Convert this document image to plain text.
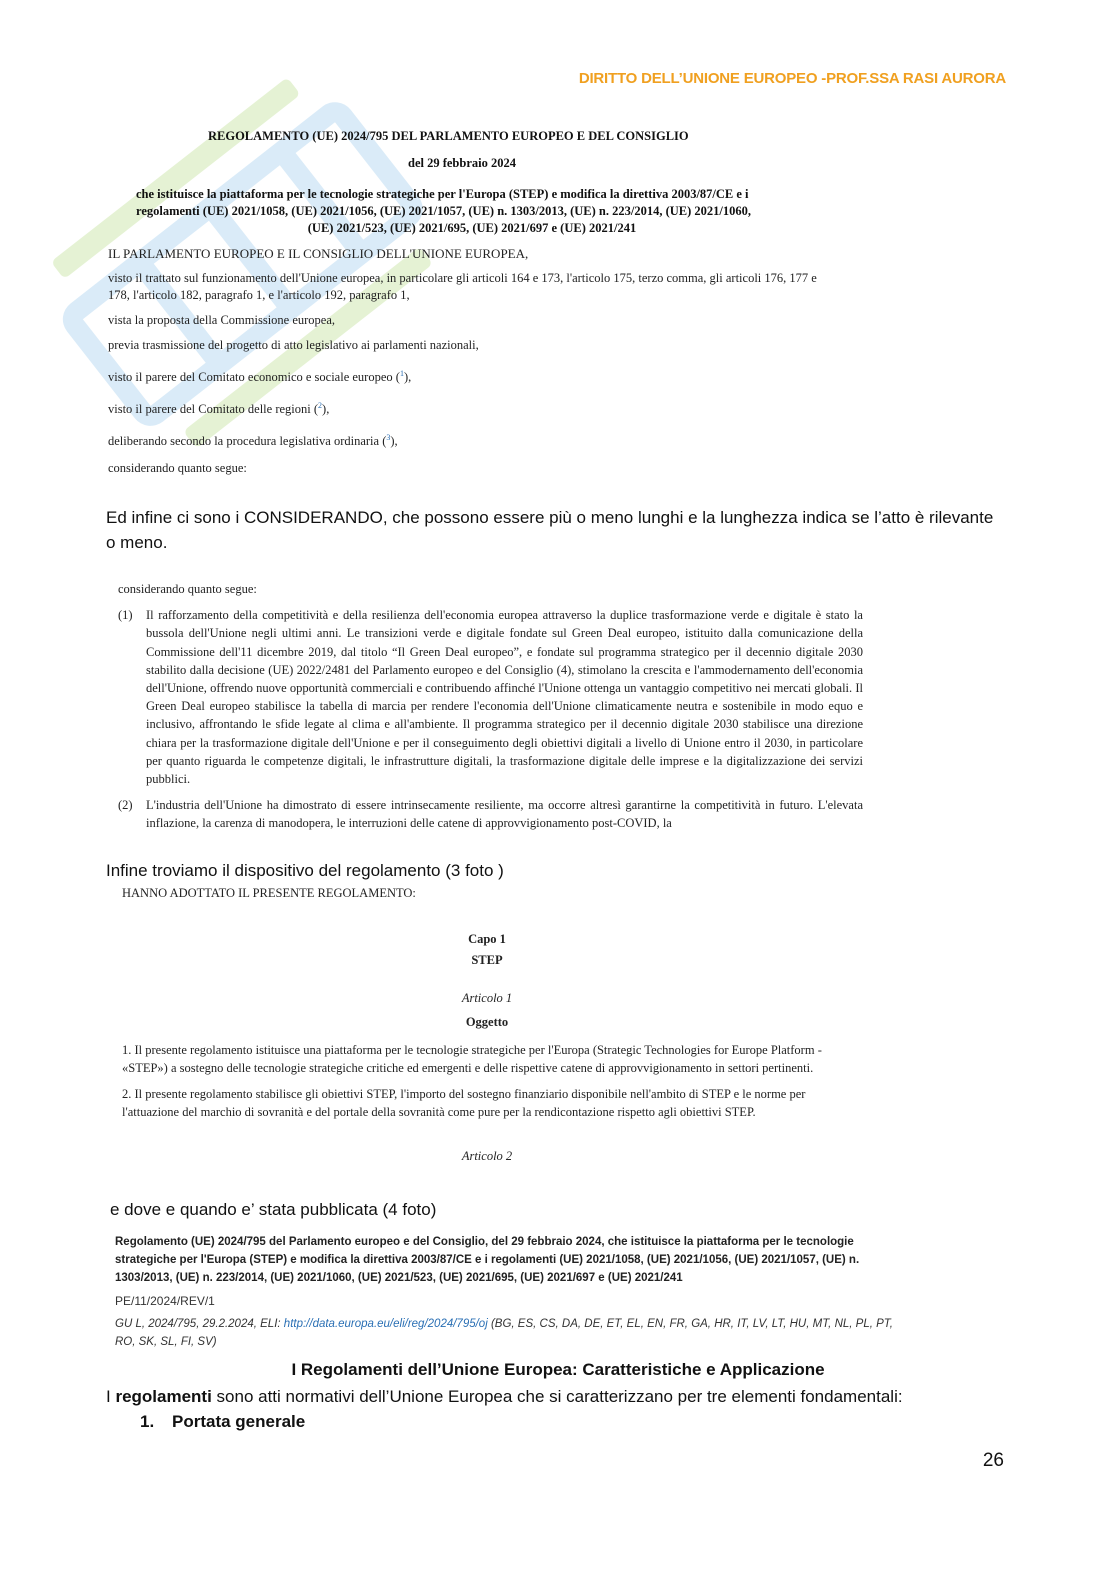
DIRITTO DELL’UNIONE EUROPEO -PROF.SSA RASI AURORA
REGOLAMENTO (UE) 2024/795 DEL PARLAMENTO EUROPEO E DEL CONSIGLIO
del 29 febbraio 2024
che istituisce la piattaforma per le tecnologie strategiche per l'Europa (STEP) e modifica la direttiva 2003/87/CE e i
regolamenti (UE) 2021/1058, (UE) 2021/1056, (UE) 2021/1057, (UE) n. 1303/2013, (UE) n. 223/2014, (UE) 2021/1060,
(UE) 2021/523, (UE) 2021/695, (UE) 2021/697 e (UE) 2021/241
IL PARLAMENTO EUROPEO E IL CONSIGLIO DELL'UNIONE EUROPEA,
visto il trattato sul funzionamento dell'Unione europea, in particolare gli articoli 164 e 173, l'articolo 175, terzo comma, gli articoli 176, 177 e 178, l'articolo 182, paragrafo 1, e l'articolo 192, paragrafo 1,
vista la proposta della Commissione europea,
previa trasmissione del progetto di atto legislativo ai parlamenti nazionali,
visto il parere del Comitato economico e sociale europeo ($^1$),
visto il parere del Comitato delle regioni ($^2$),
deliberando secondo la procedura legislativa ordinaria ($^3$),
considerando quanto segue:
Ed infine ci sono i CONSIDERANDO, che possono essere più o meno lunghi e la lunghezza indica se l’atto è rilevante o meno.
considerando quanto segue:
(1)	Il rafforzamento della competitività e della resilienza dell'economia europea attraverso la duplice trasformazione verde e digitale è stato la bussola dell'Unione negli ultimi anni. Le transizioni verde e digitale fondate sul Green Deal europeo, istituito dalla comunicazione della Commissione dell'11 dicembre 2019, dal titolo “Il Green Deal europeo”, e fondate sul programma strategico per il decennio digitale 2030 stabilito dalla decisione (UE) 2022/2481 del Parlamento europeo e del Consiglio (4), stimolano la crescita e l'ammodernamento dell'economia dell'Unione, offrendo nuove opportunità commerciali e contribuendo affinché l'Unione ottenga un vantaggio competitivo nei mercati globali. Il Green Deal europeo stabilisce la tabella di marcia per rendere l'economia dell'Unione climaticamente neutra e sostenibile in modo equo e inclusivo, affrontando le sfide legate al clima e all'ambiente. Il programma strategico per il decennio digitale 2030 stabilisce una direzione chiara per la trasformazione digitale dell'Unione e per il conseguimento degli obiettivi digitali a livello di Unione entro il 2030, in particolare per quanto riguarda le competenze digitali, le infrastrutture digitali, la trasformazione digitale delle imprese e la digitalizzazione dei servizi pubblici.
(2)	L'industria dell'Unione ha dimostrato di essere intrinsecamente resiliente, ma occorre altresì garantirne la competitività in futuro. L'elevata inflazione, la carenza di manodopera, le interruzioni delle catene di approvvigionamento post-COVID, la
Infine troviamo il dispositivo del regolamento (3 foto )
HANNO ADOTTATO IL PRESENTE REGOLAMENTO:
Capo 1
STEP
Articolo 1
Oggetto
1. Il presente regolamento istituisce una piattaforma per le tecnologie strategiche per l'Europa (Strategic Technologies for Europe Platform - «STEP») a sostegno delle tecnologie strategiche critiche ed emergenti e delle rispettive catene di approvvigionamento in settori pertinenti.
2. Il presente regolamento stabilisce gli obiettivi STEP, l'importo del sostegno finanziario disponibile nell'ambito di STEP e le norme per l'attuazione del marchio di sovranità e del portale della sovranità come pure per la rendicontazione rispetto agli obiettivi STEP.
Articolo 2
e dove e quando e’ stata pubblicata (4 foto)
Regolamento (UE) 2024/795 del Parlamento europeo e del Consiglio, del 29 febbraio 2024, che istituisce la piattaforma per le tecnologie strategiche per l'Europa (STEP) e modifica la direttiva 2003/87/CE e i regolamenti (UE) 2021/1058, (UE) 2021/1056, (UE) 2021/1057, (UE) n. 1303/2013, (UE) n. 223/2014, (UE) 2021/1060, (UE) 2021/523, (UE) 2021/695, (UE) 2021/697 e (UE) 2021/241
PE/11/2024/REV/1
GU L, 2024/795, 29.2.2024, ELI: http://data.europa.eu/eli/reg/2024/795/oj (BG, ES, CS, DA, DE, ET, EL, EN, FR, GA, HR, IT, LV, LT, HU, MT, NL, PL, PT, RO, SK, SL, FI, SV)
I Regolamenti dell’Unione Europea: Caratteristiche e Applicazione
I regolamenti sono atti normativi dell’Unione Europea che si caratterizzano per tre elementi fondamentali:
1. Portata generale
26
